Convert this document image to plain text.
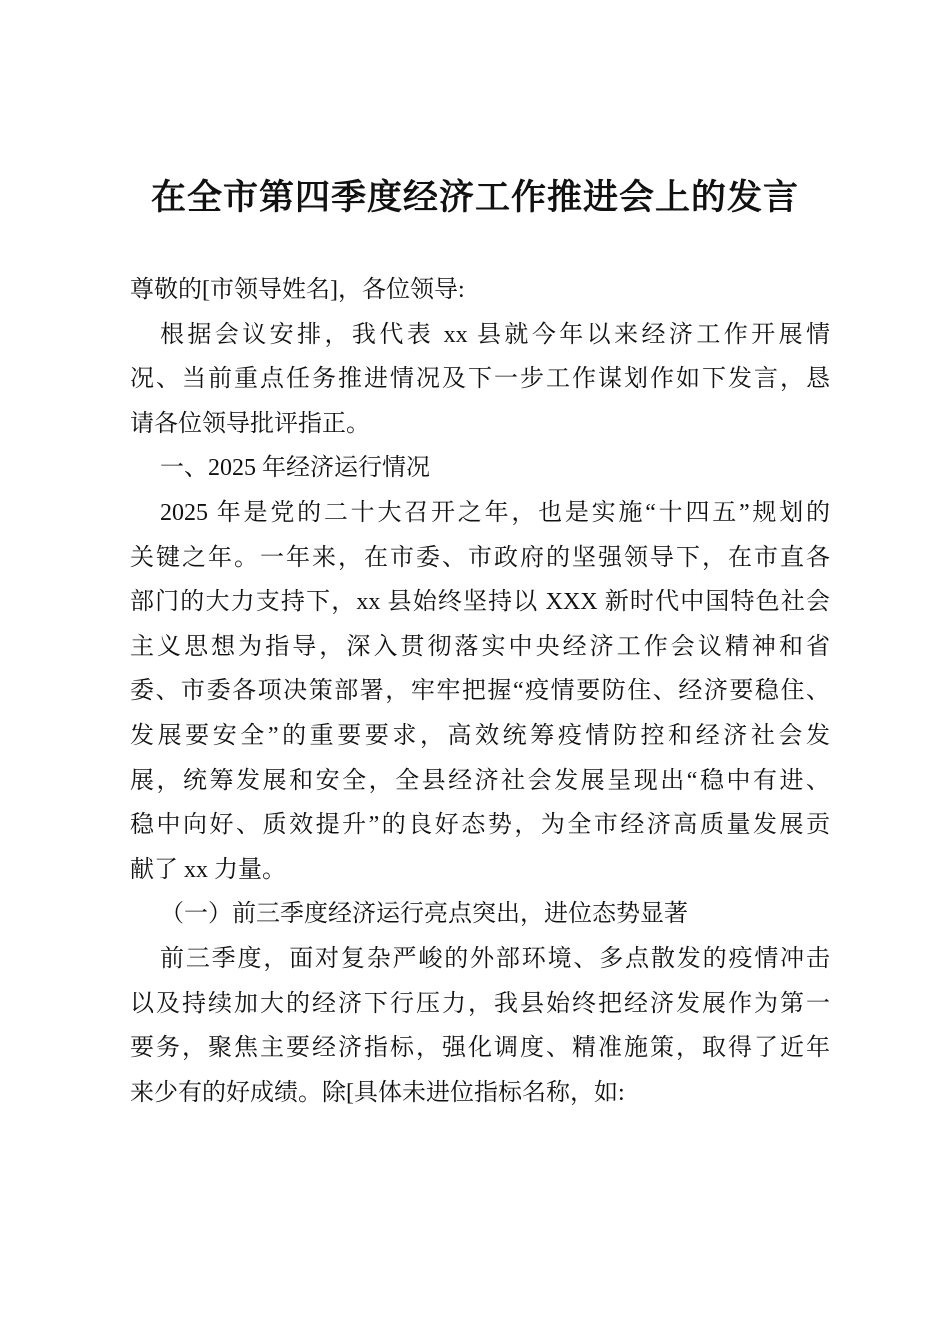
在全市第四季度经济工作推进会上的发言
尊敬的[市领导姓名]，各位领导:
根据会议安排，我代表 xx 县就今年以来经济工作开展情
况、当前重点任务推进情况及下一步工作谋划作如下发言，恳
请各位领导批评指正。
一、2025 年经济运行情况
2025 年是党的二十大召开之年，也是实施“十四五”规划的
关键之年。一年来，在市委、市政府的坚强领导下，在市直各
部门的大力支持下，xx 县始终坚持以 XXX 新时代中国特色社会
主义思想为指导，深入贯彻落实中央经济工作会议精神和省
委、市委各项决策部署，牢牢把握“疫情要防住、经济要稳住、
发展要安全”的重要要求，高效统筹疫情防控和经济社会发
展，统筹发展和安全，全县经济社会发展呈现出“稳中有进、
稳中向好、质效提升”的良好态势，为全市经济高质量发展贡
献了 xx 力量。
（一）前三季度经济运行亮点突出，进位态势显著
前三季度，面对复杂严峻的外部环境、多点散发的疫情冲击
以及持续加大的经济下行压力，我县始终把经济发展作为第一
要务，聚焦主要经济指标，强化调度、精准施策，取得了近年
来少有的好成绩。除[具体未进位指标名称，如:
